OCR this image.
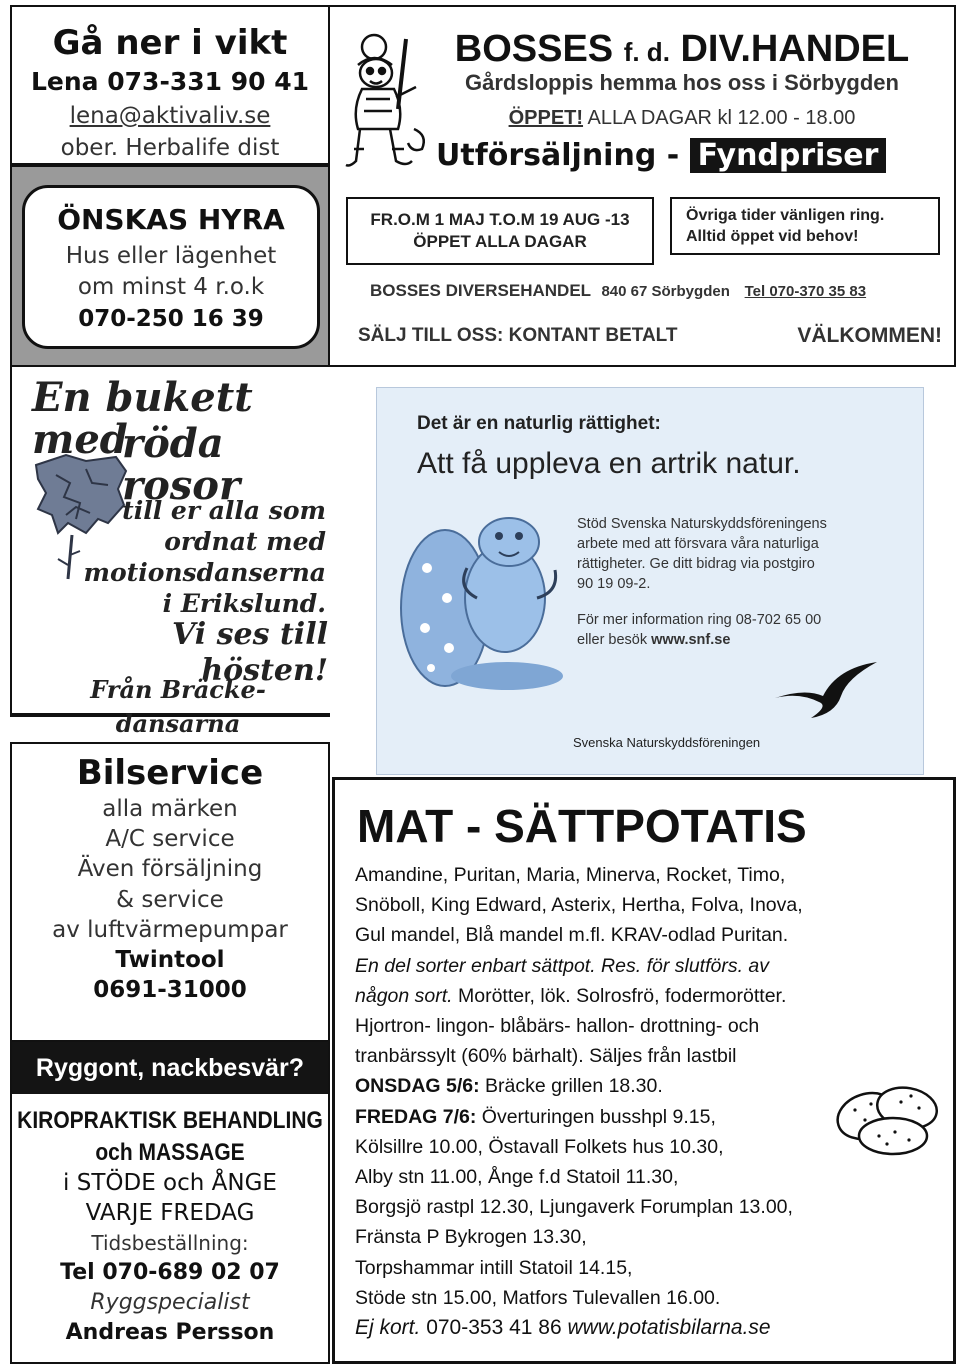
Gå ner i vikt
Lena 073-331 90 41
lena@aktivaliv.se
ober. Herbalife dist
ÖNSKAS HYRA
Hus eller lägenhet
om minst 4 r.o.k
070-250 16 39
BOSSES f. d. DIV.HANDEL
Gårdsloppis hemma hos oss i Sörbygden
ÖPPET! ALLA DAGAR kl 12.00 - 18.00
Utförsäljning - Fyndpriser
FR.O.M 1 MAJ T.O.M 19 AUG -13
ÖPPET ALLA DAGAR
Övriga tider vänligen ring.
Alltid öppet vid behov!
BOSSES DIVERSEHANDEL 840 67 Sörbygden Tel 070-370 35 83
SÄLJ TILL OSS: KONTANT BETALT	VÄLKOMMEN!
En bukett med
röda rosor
till er alla som
ordnat med
motionsdanserna
i Erikslund.
Vi ses till hösten!
Från Bräcke-dansarna
Det är en naturlig rättighet:
Att få uppleva en artrik natur.
Stöd Svenska Naturskyddsföreningens
arbete med att försvara våra naturliga
rättigheter. Ge ditt bidrag via postgiro
90 19 09-2.
För mer information ring 08-702 65 00
eller besök www.snf.se
Svenska Naturskyddsföreningen
Bilservice
alla märken
A/C service
Även försäljning
& service
av luftvärmepumpar
Twintool
0691-31000
Ryggont, nackbesvär?
KIROPRAKTISK BEHANDLING
och MASSAGE
i STÖDE och ÅNGE
VARJE FREDAG
Tidsbeställning:
Tel 070-689 02 07
Ryggspecialist
Andreas Persson
MAT - SÄTTPOTATIS
Amandine, Puritan, Maria, Minerva, Rocket, Timo,
Snöboll, King Edward, Asterix, Hertha, Folva, Inova,
Gul mandel, Blå mandel m.fl. KRAV-odlad Puritan.
En del sorter enbart sättpot. Res. för slutförs. av
någon sort. Morötter, lök. Solrosfrö, fodermorötter.
Hjortron- lingon- blåbärs- hallon- drottning- och
tranbärssylt (60% bärhalt). Säljes från lastbil
ONSDAG 5/6: Bräcke grillen 18.30.
FREDAG 7/6: Överturingen busshpl 9.15,
Kölsillre 10.00, Östavall Folkets hus 10.30,
Alby stn 11.00, Ånge f.d Statoil 11.30,
Borgsjö rastpl 12.30, Ljungaverk Forumplan 13.00,
Fränsta P Bykrogen 13.30,
Torpshammar intill Statoil 14.15,
Stöde stn 15.00, Matfors Tulevallen 16.00.
Ej kort. 070-353 41 86 www.potatisbilarna.se
